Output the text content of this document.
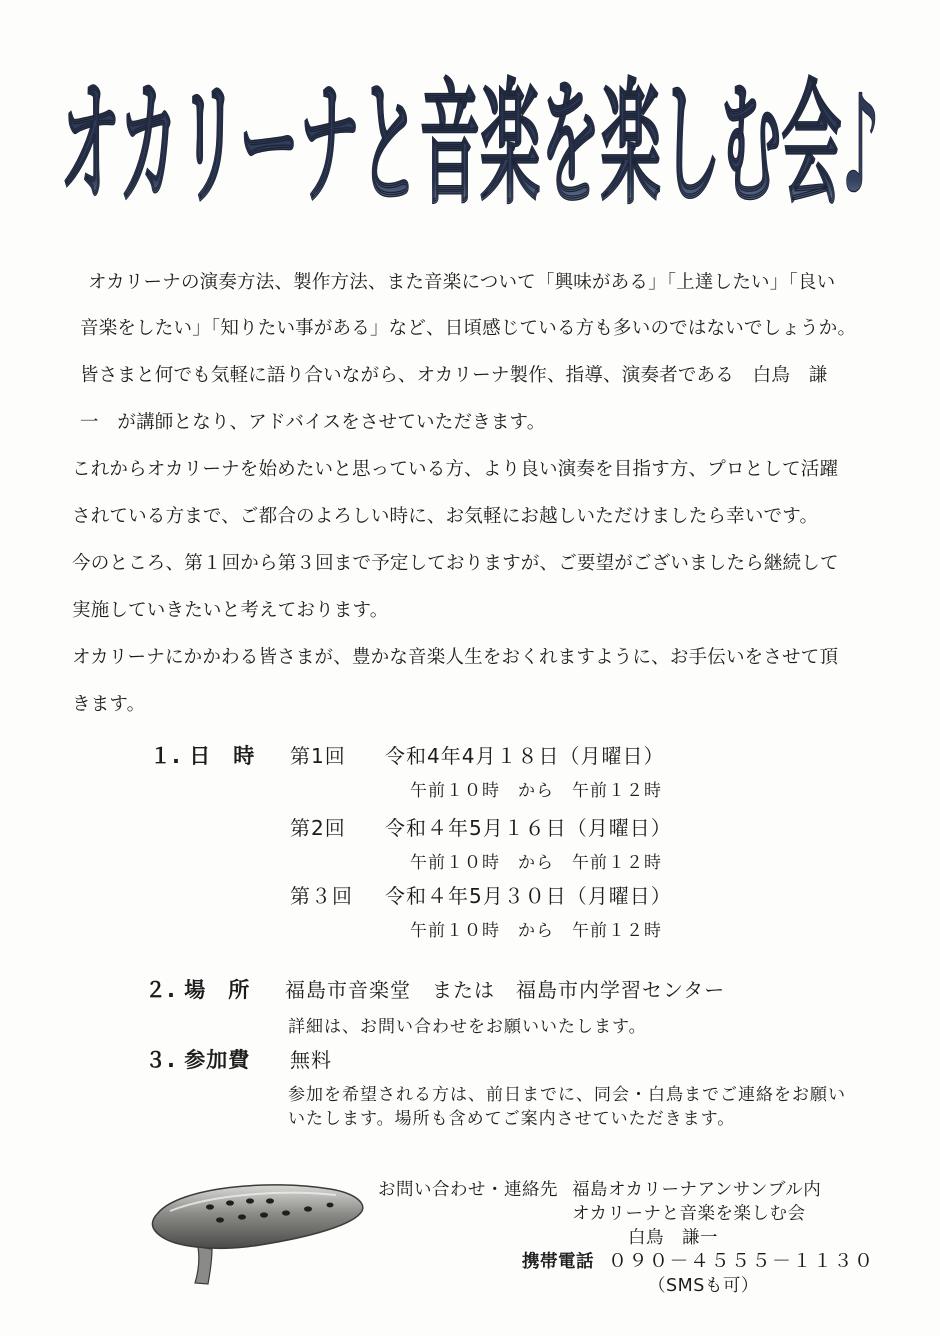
オカリーナと音楽を楽しむ会♪

オカリーナの演奏方法、製作方法、また音楽について「興味がある」「上達したい」「良い

音楽をしたい」「知りたい事がある」など、日頃感じている方も多いのではないでしょうか。

皆さまと何でも気軽に語り合いながら、オカリーナ製作、指導、演奏者である　白鳥　謙

一　が講師となり、アドバイスをさせていただきます。

これからオカリーナを始めたいと思っている方、より良い演奏を目指す方、プロとして活躍

されている方まで、ご都合のよろしい時に、お気軽にお越しいただけましたら幸いです。

今のところ、第１回から第３回まで予定しておりますが、ご要望がございましたら継続して

実施していきたいと考えております。

オカリーナにかかわる皆さまが、豊かな音楽人生をおくれますように、お手伝いをさせて頂

きます。

１. 日　時 第1回 令和4年4月１８日（月曜日）
午前１０時　から　午前１２時
第2回 令和４年5月１６日（月曜日）
午前１０時　から　午前１２時
第３回 令和４年5月３０日（月曜日）
午前１０時　から　午前１２時
２. 場　所 福島市音楽堂　または　福島市内学習センター
詳細は、お問い合わせをお願いいたします。
３. 参加費 無料
参加を希望される方は、前日までに、同会・白鳥までご連絡をお願い
いたします。場所も含めてご案内させていただきます。
お問い合わせ・連絡先 福島オカリーナアンサンブル内
オカリーナと音楽を楽しむ会
白鳥　謙一
携帯電話 ０９０－４５５５－１１３０
（SMSも可）
